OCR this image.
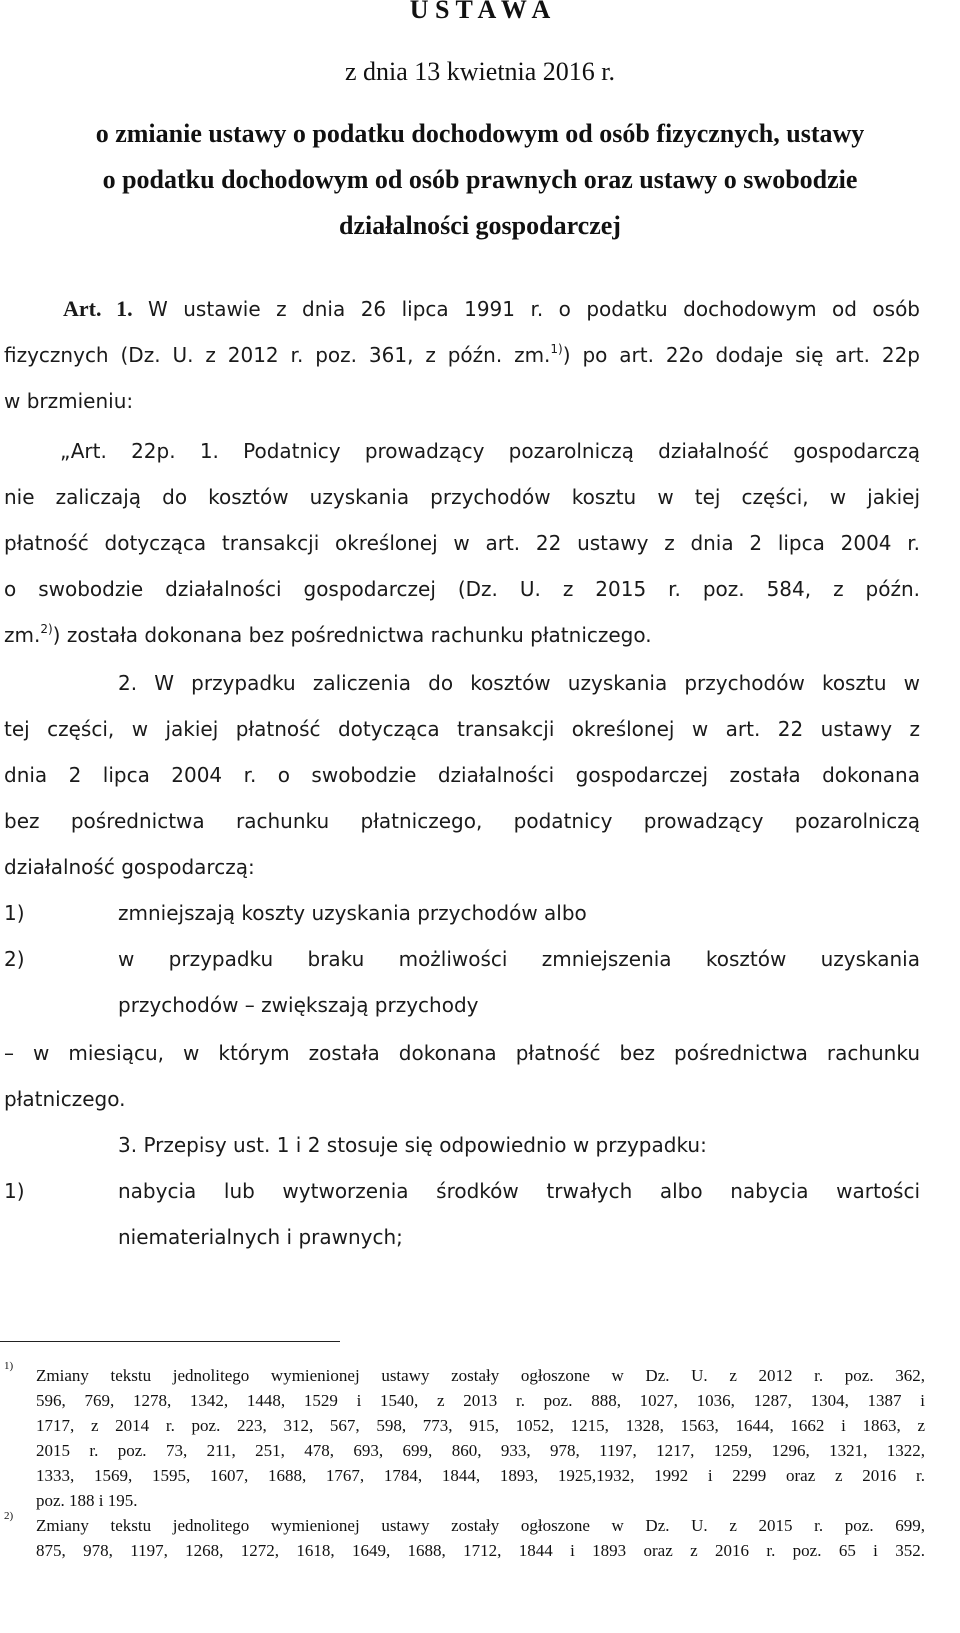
U S T A W A
z dnia 13 kwietnia 2016 r.
o zmianie ustawy o podatku dochodowym od osób fizycznych, ustawy
o podatku dochodowym od osób prawnych oraz ustawy o swobodzie
działalności gospodarczej
Art. 1. W ustawie z dnia 26 lipca 1991 r. o podatku dochodowym od osób
fizycznych (Dz. U. z 2012 r. poz. 361, z późn. zm.$^{1)}$) po art. 22o dodaje się art. 22p
w brzmieniu:
„Art. 22p. 1. Podatnicy prowadzący pozarolniczą działalność gospodarczą
nie zaliczają do kosztów uzyskania przychodów kosztu w tej części, w jakiej
płatność dotycząca transakcji określonej w art. 22 ustawy z dnia 2 lipca 2004 r.
o swobodzie działalności gospodarczej (Dz. U. z 2015 r. poz. 584, z późn.
zm.$^{2)}$) została dokonana bez pośrednictwa rachunku płatniczego.
2. W przypadku zaliczenia do kosztów uzyskania przychodów kosztu w
tej części, w jakiej płatność dotycząca transakcji określonej w art. 22 ustawy z
dnia 2 lipca 2004 r. o swobodzie działalności gospodarczej została dokonana
bez pośrednictwa rachunku płatniczego, podatnicy prowadzący pozarolniczą
działalność gospodarczą:
1)	zmniejszają koszty uzyskania przychodów albo
2)	w przypadku braku możliwości zmniejszenia kosztów uzyskania
przychodów – zwiększają przychody
– w miesiącu, w którym została dokonana płatność bez pośrednictwa rachunku
płatniczego.
3. Przepisy ust. 1 i 2 stosuje się odpowiednio w przypadku:
1)	nabycia lub wytworzenia środków trwałych albo nabycia wartości
niematerialnych i prawnych;
1) Zmiany tekstu jednolitego wymienionej ustawy zostały ogłoszone w Dz. U. z 2012 r. poz. 362,
596, 769, 1278, 1342, 1448, 1529 i 1540, z 2013 r. poz. 888, 1027, 1036, 1287, 1304, 1387 i
1717, z 2014 r. poz. 223, 312, 567, 598, 773, 915, 1052, 1215, 1328, 1563, 1644, 1662 i 1863, z
2015 r. poz. 73, 211, 251, 478, 693, 699, 860, 933, 978, 1197, 1217, 1259, 1296, 1321, 1322,
1333, 1569, 1595, 1607, 1688, 1767, 1784, 1844, 1893, 1925,1932, 1992 i 2299 oraz z 2016 r.
poz. 188 i 195.
2) Zmiany tekstu jednolitego wymienionej ustawy zostały ogłoszone w Dz. U. z 2015 r. poz. 699,
875, 978, 1197, 1268, 1272, 1618, 1649, 1688, 1712, 1844 i 1893 oraz z 2016 r. poz. 65 i 352.
